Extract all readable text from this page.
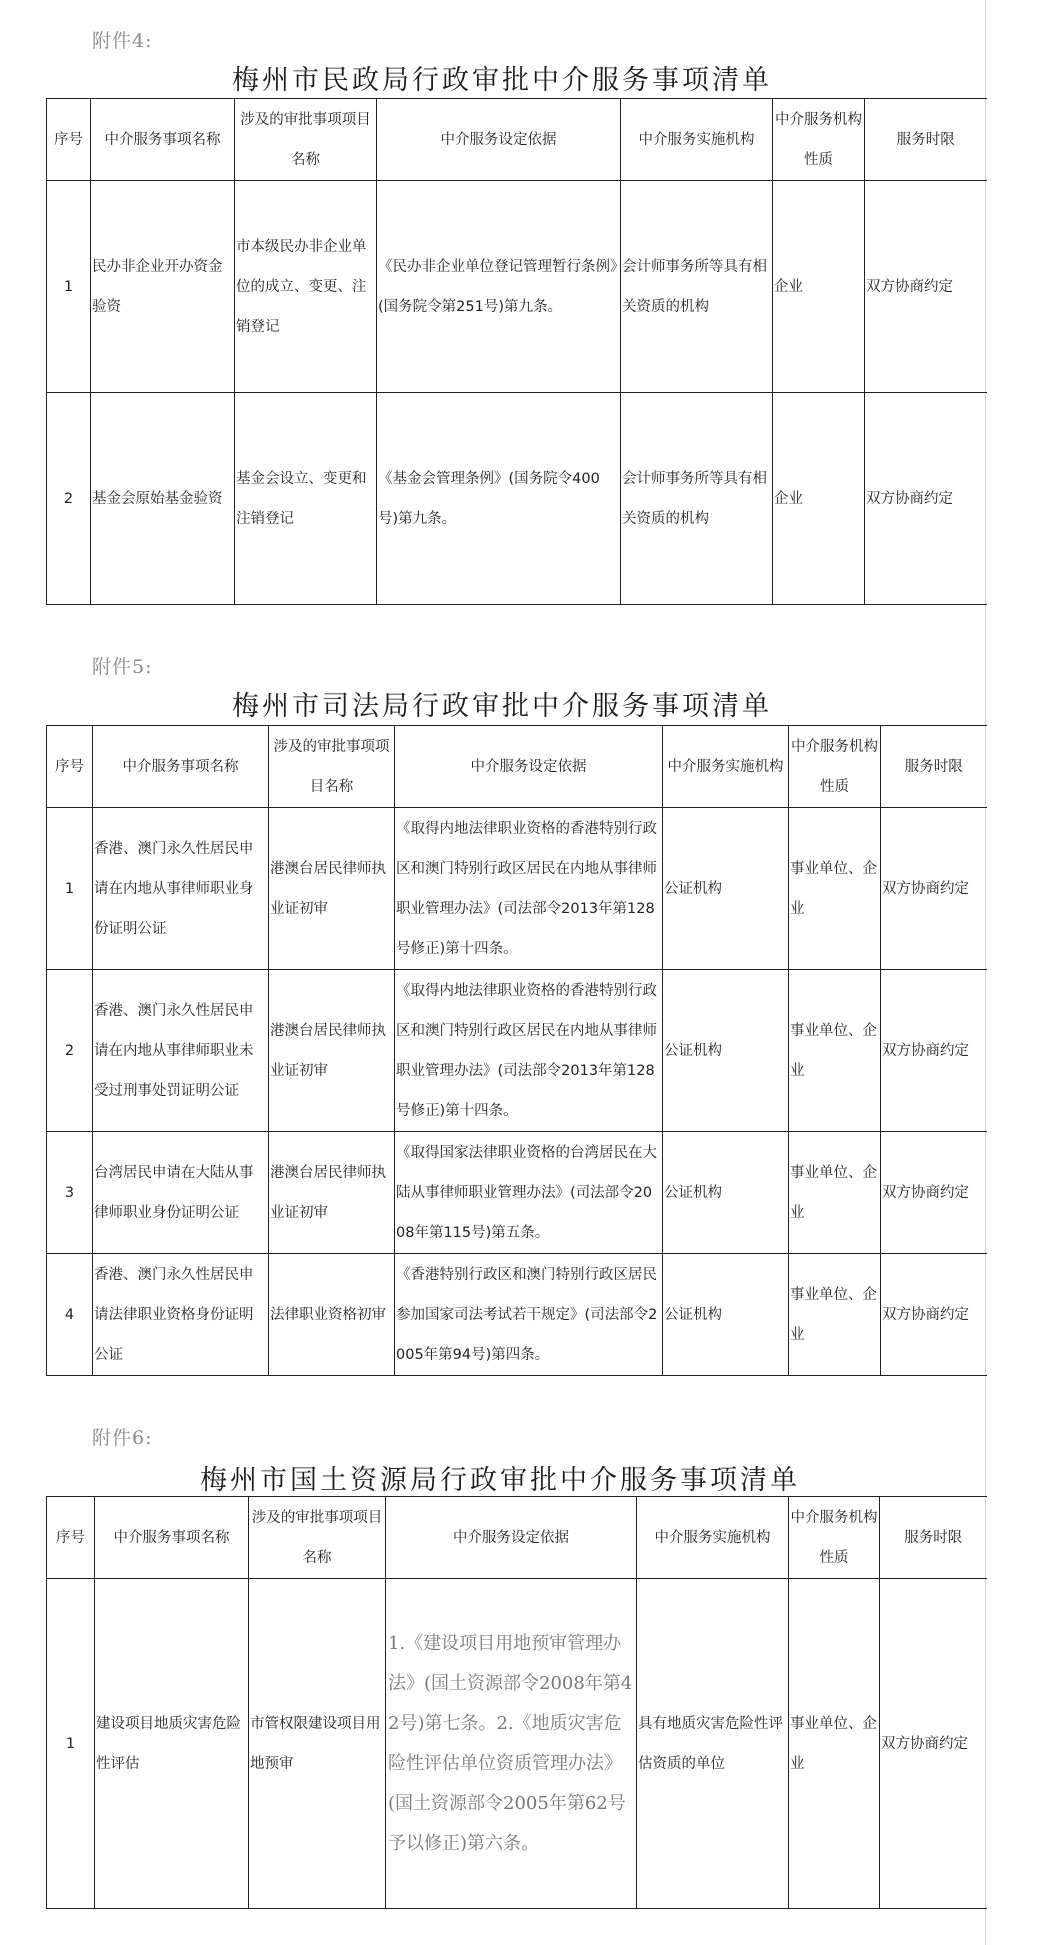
附件4:
梅州市民政局行政审批中介服务事项清单
序号	中介服务事项名称	涉及的审批事项项目名称	中介服务设定依据	中介服务实施机构	中介服务机构性质	服务时限
1	民办非企业开办资金验资	市本级民办非企业单位的成立、变更、注销登记	《民办非企业单位登记管理暂行条例》(国务院令第251号)第九条。	会计师事务所等具有相关资质的机构	企业	双方协商约定
2	基金会原始基金验资	基金会设立、变更和注销登记	《基金会管理条例》(国务院令400号)第九条。	会计师事务所等具有相关资质的机构	企业	双方协商约定
附件5:
梅州市司法局行政审批中介服务事项清单
序号	中介服务事项名称	涉及的审批事项项目名称	中介服务设定依据	中介服务实施机构	中介服务机构性质	服务时限
1	香港、澳门永久性居民申请在内地从事律师职业身份证明公证	港澳台居民律师执业证初审	《取得内地法律职业资格的香港特别行政区和澳门特别行政区居民在内地从事律师职业管理办法》(司法部令2013年第128号修正)第十四条。	公证机构	事业单位、企业	双方协商约定
2	香港、澳门永久性居民申请在内地从事律师职业未受过刑事处罚证明公证	港澳台居民律师执业证初审	《取得内地法律职业资格的香港特别行政区和澳门特别行政区居民在内地从事律师职业管理办法》(司法部令2013年第128号修正)第十四条。	公证机构	事业单位、企业	双方协商约定
3	台湾居民申请在大陆从事律师职业身份证明公证	港澳台居民律师执业证初审	《取得国家法律职业资格的台湾居民在大陆从事律师职业管理办法》(司法部令2008年第115号)第五条。	公证机构	事业单位、企业	双方协商约定
4	香港、澳门永久性居民申请法律职业资格身份证明公证	法律职业资格初审	《香港特别行政区和澳门特别行政区居民参加国家司法考试若干规定》(司法部令2005年第94号)第四条。	公证机构	事业单位、企业	双方协商约定
附件6:
梅州市国土资源局行政审批中介服务事项清单
序号	中介服务事项名称	涉及的审批事项项目名称	中介服务设定依据	中介服务实施机构	中介服务机构性质	服务时限
1	建设项目地质灾害危险性评估	市管权限建设项目用地预审	1.《建设项目用地预审管理办法》(国土资源部令2008年第42号)第七条。2.《地质灾害危险性评估单位资质管理办法》(国土资源部令2005年第62号予以修正)第六条。	具有地质灾害危险性评估资质的单位	事业单位、企业	双方协商约定
